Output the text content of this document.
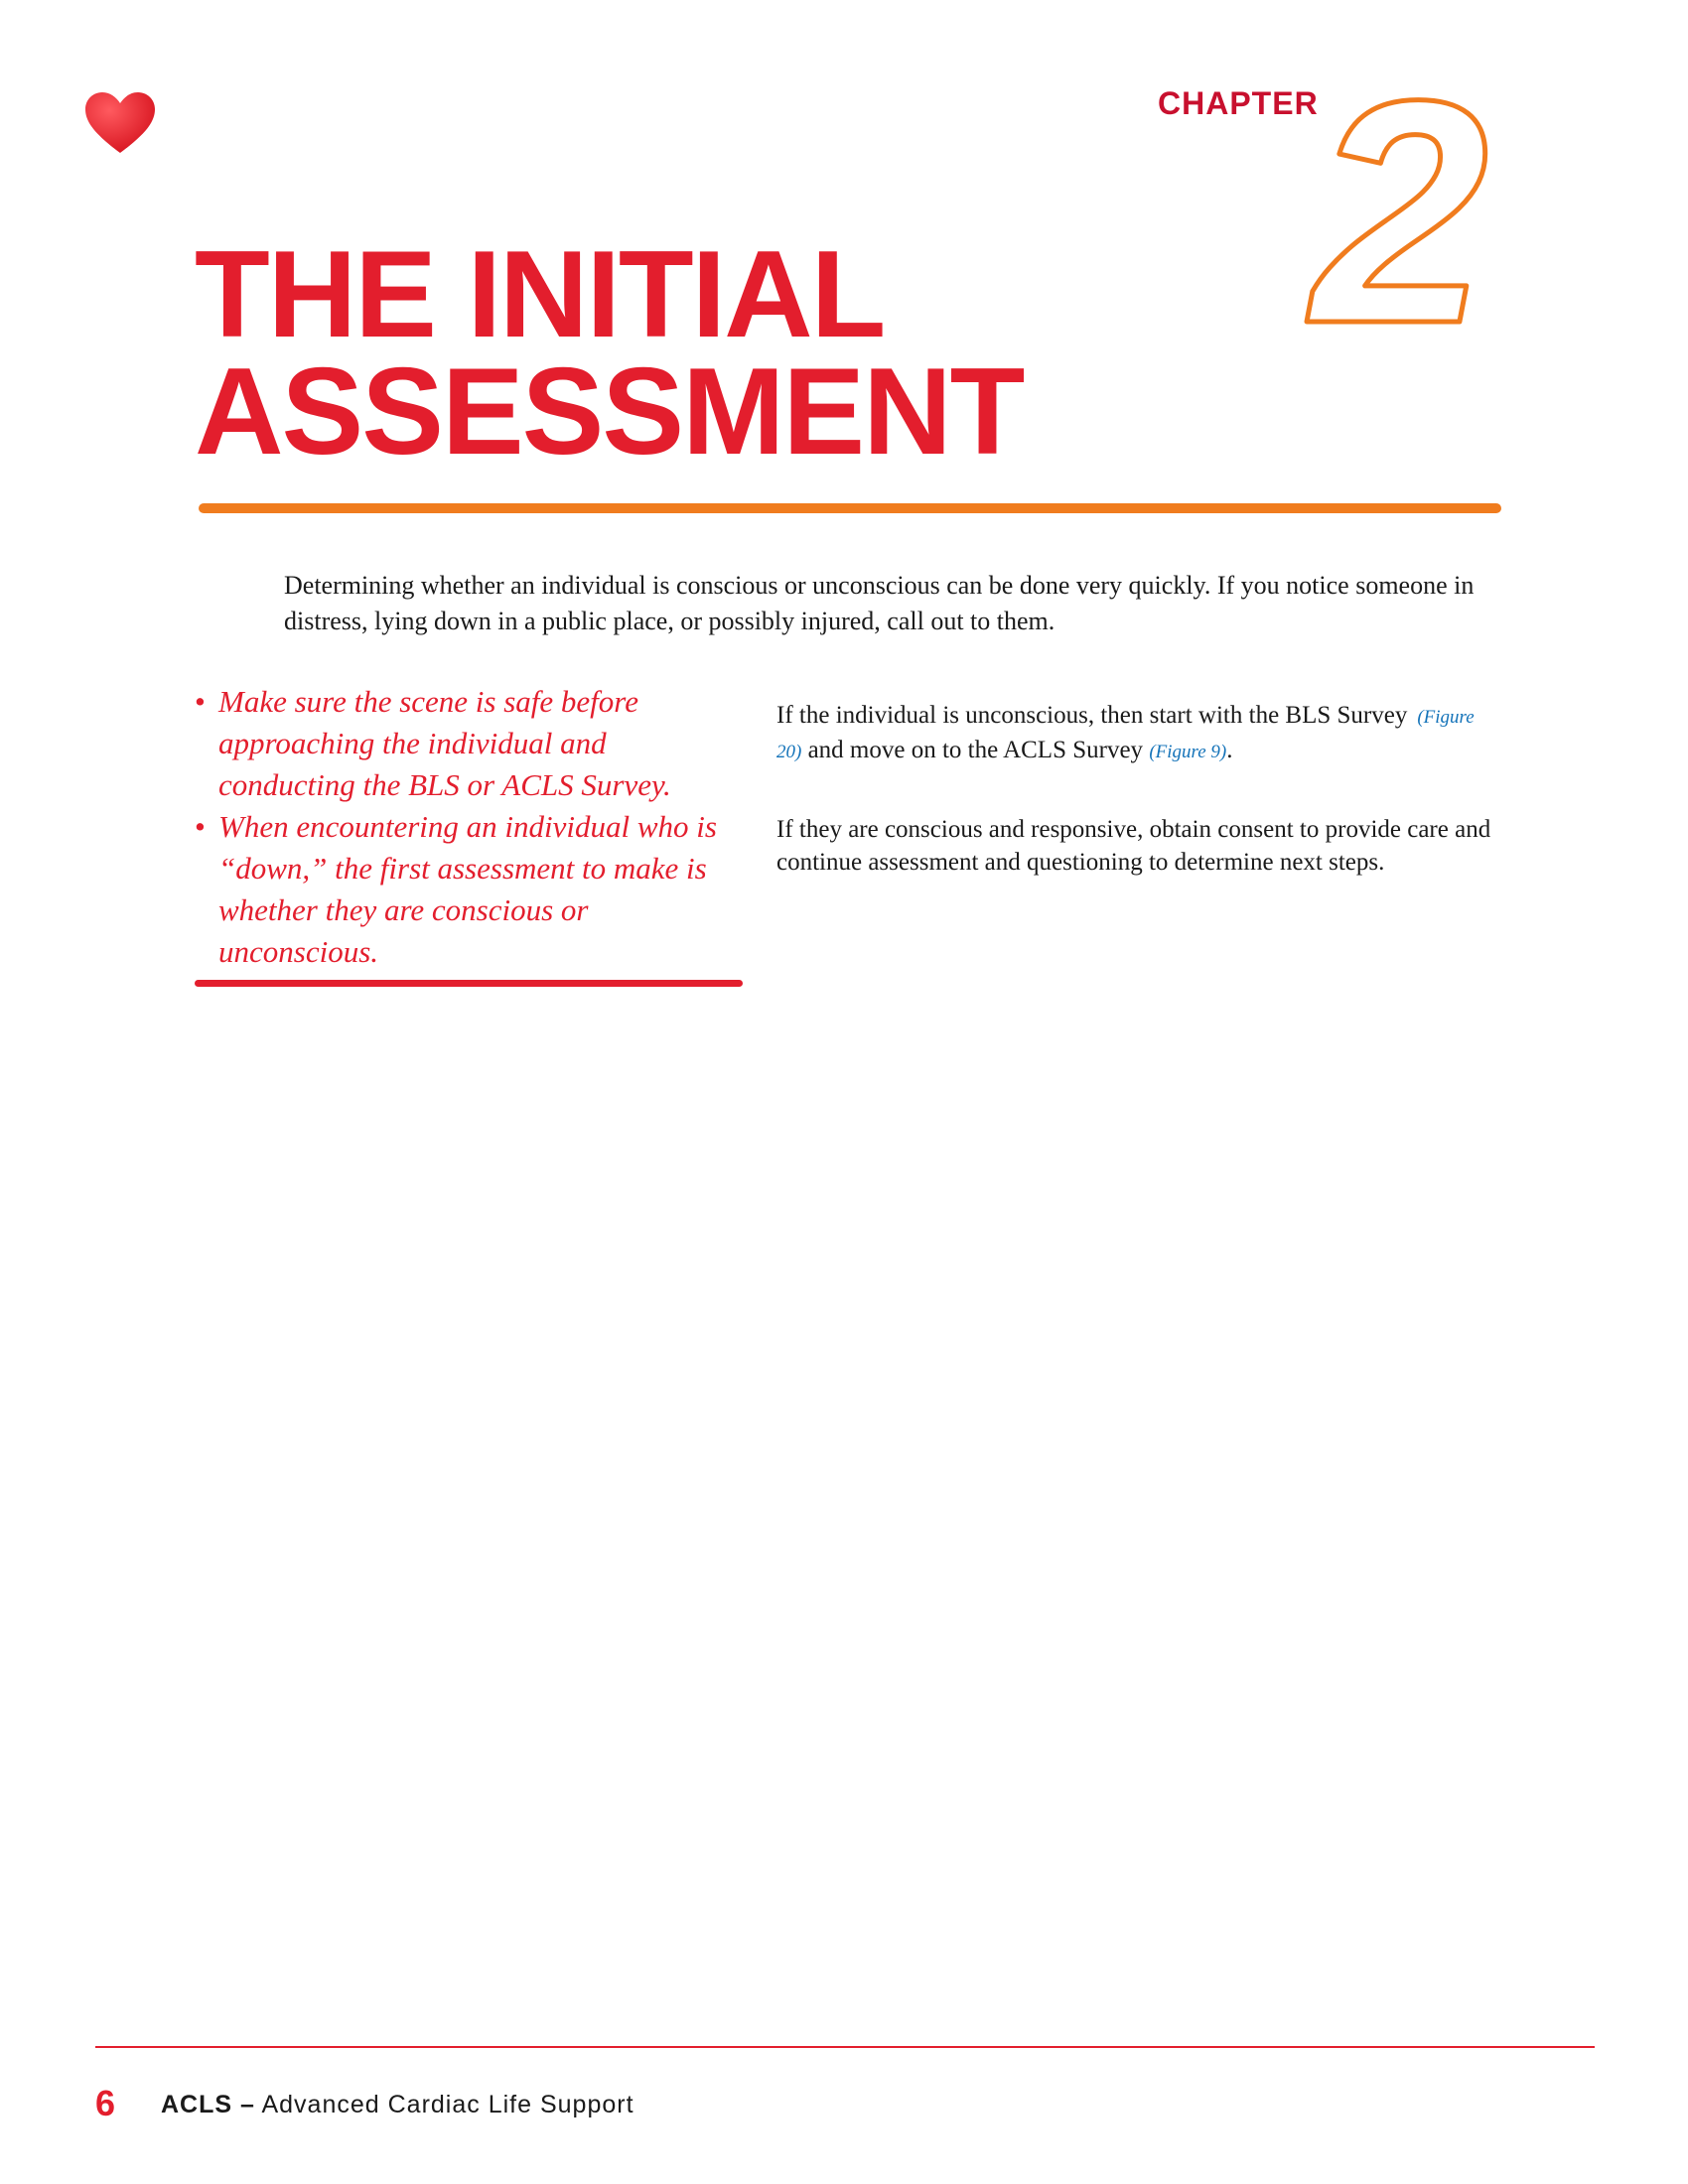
CHAPTER
2
THE INITIAL
ASSESSMENT

Determining whether an individual is conscious or unconscious can be done very quickly. If you notice someone in distress, lying down in a public place, or possibly injured, call out to them.

• Make sure the scene is safe before approaching the individual and conducting the BLS or ACLS Survey.
• When encountering an individual who is “down,” the first assessment to make is whether they are conscious or unconscious.

If the individual is unconscious, then start with the BLS Survey (Figure 20) and move on to the ACLS Survey (Figure 9).

If they are conscious and responsive, obtain consent to provide care and continue assessment and questioning to determine next steps.

6 ACLS – Advanced Cardiac Life Support
